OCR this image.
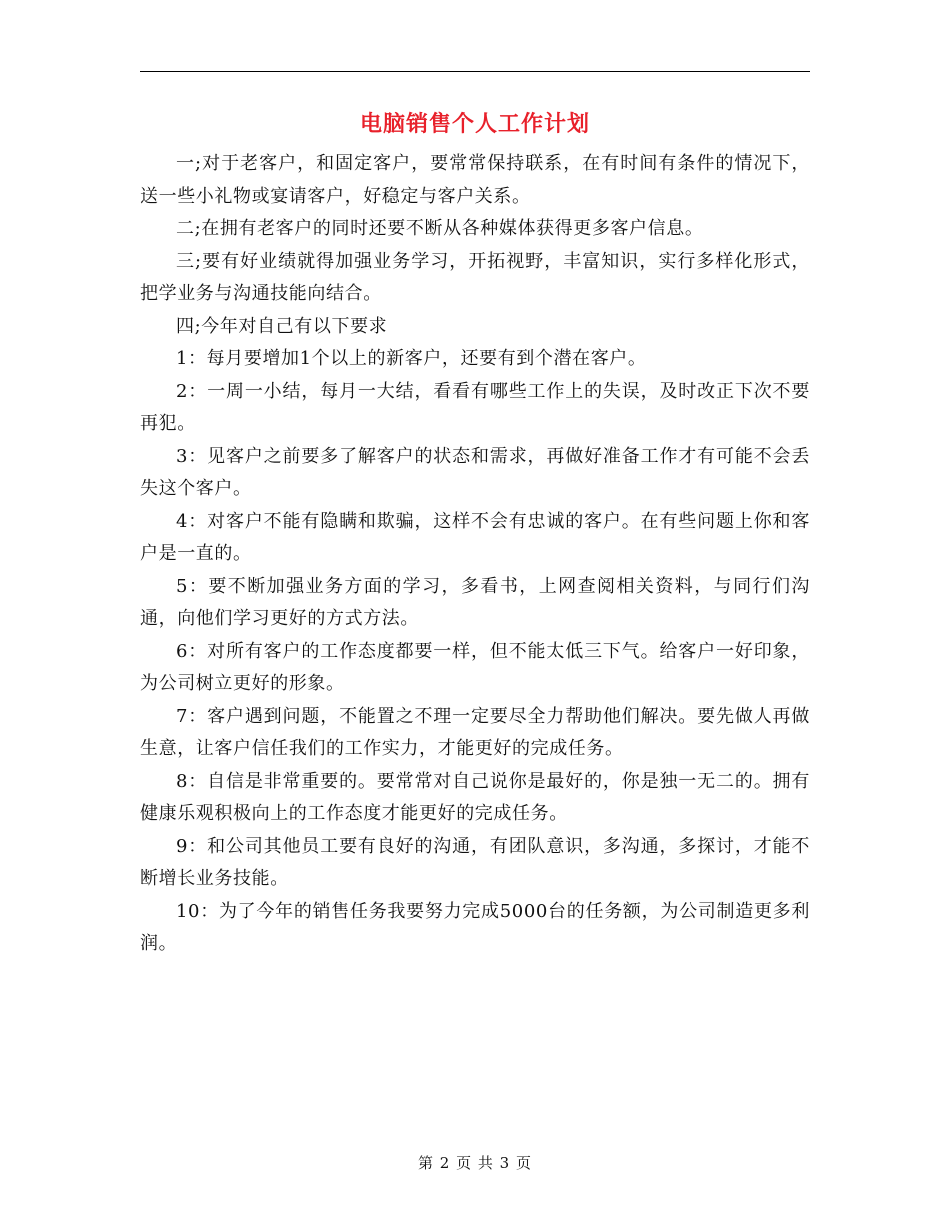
电脑销售个人工作计划

一;对于老客户，和固定客户，要常常保持联系，在有时间有条件的情况下，送一些小礼物或宴请客户，好稳定与客户关系。

二;在拥有老客户的同时还要不断从各种媒体获得更多客户信息。

三;要有好业绩就得加强业务学习，开拓视野，丰富知识，实行多样化形式，把学业务与沟通技能向结合。

四;今年对自己有以下要求

1：每月要增加1个以上的新客户，还要有到个潜在客户。

2：一周一小结，每月一大结，看看有哪些工作上的失误，及时改正下次不要再犯。

3：见客户之前要多了解客户的状态和需求，再做好准备工作才有可能不会丢失这个客户。

4：对客户不能有隐瞒和欺骗，这样不会有忠诚的客户。在有些问题上你和客户是一直的。

5：要不断加强业务方面的学习，多看书，上网查阅相关资料，与同行们沟通，向他们学习更好的方式方法。

6：对所有客户的工作态度都要一样，但不能太低三下气。给客户一好印象，为公司树立更好的形象。

7：客户遇到问题，不能置之不理一定要尽全力帮助他们解决。要先做人再做生意，让客户信任我们的工作实力，才能更好的完成任务。

8：自信是非常重要的。要常常对自己说你是最好的，你是独一无二的。拥有健康乐观积极向上的工作态度才能更好的完成任务。

9：和公司其他员工要有良好的沟通，有团队意识，多沟通，多探讨，才能不断增长业务技能。

10：为了今年的销售任务我要努力完成5000台的任务额，为公司制造更多利润。

第 2 页 共 3 页
